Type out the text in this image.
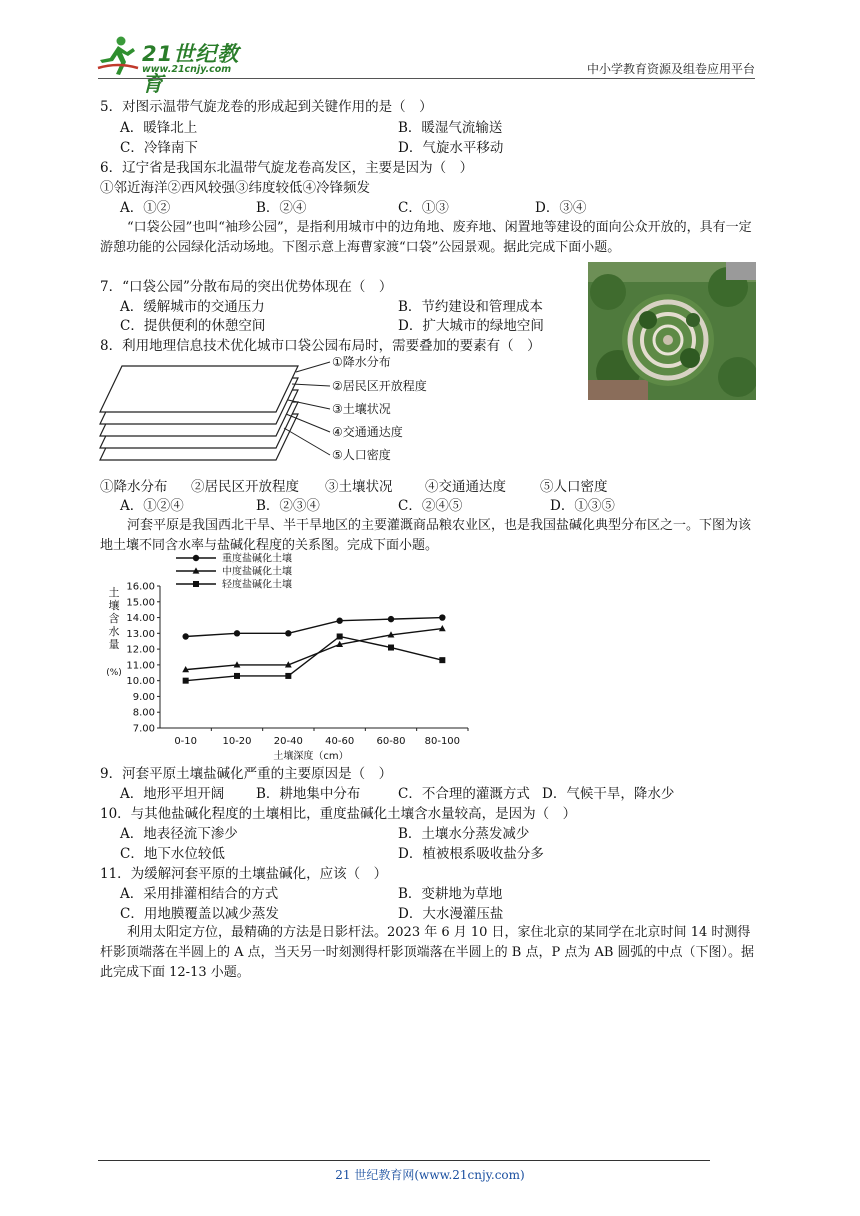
21世纪教育
www.21cnjy.com	中小学教育资源及组卷应用平台
5．对图示温带气旋龙卷的形成起到关键作用的是（　）
A．暖锋北上	B．暖湿气流输送
C．冷锋南下	D．气旋水平移动
6．辽宁省是我国东北温带气旋龙卷高发区，主要是因为（　）
①邻近海洋②西风较强③纬度较低④冷锋频发
A．①②	B．②④	C．①③	D．③④
“口袋公园”也叫“袖珍公园”，是指利用城市中的边角地、废弃地、闲置地等建设的面向公众开放的，具有一定游憩功能的公园绿化活动场地。下图示意上海曹家渡“口袋”公园景观。据此完成下面小题。
7．“口袋公园”分散布局的突出优势体现在（　）
A．缓解城市的交通压力	B．节约建设和管理成本
C．提供便利的休憩空间	D．扩大城市的绿地空间
8．利用地理信息技术优化城市口袋公园布局时，需要叠加的要素有（　）
①降水分布
②居民区开放程度
③土壤状况
④交通通达度
⑤人口密度
①降水分布 ②居民区开放程度 ③土壤状况 ④交通通达度	⑤人口密度
A．①②④	B．②③④	C．②④⑤	D．①③⑤
河套平原是我国西北干旱、半干旱地区的主要灌溉商品粮农业区，也是我国盐碱化典型分布区之一。下图为该地土壤不同含水率与盐碱化程度的关系图。完成下面小题。
重度盐碱化土壤
中度盐碱化土壤
轻度盐碱化土壤
16.00
15.00
14.00
13.00
12.00
11.00
10.00
9.00
8.00
7.00
0-10	10-20 20-40 40-60 60-80 80-100
土
壤
含
水
量
(%)
土壤深度（cm）
9．河套平原土壤盐碱化严重的主要原因是（　）
A．地形平坦开阔 B．耕地集中分布	C．不合理的灌溉方式 D．气候干旱，降水少
10．与其他盐碱化程度的土壤相比，重度盐碱化土壤含水量较高，是因为（　）
A．地表径流下渗少	B．土壤水分蒸发减少
C．地下水位较低	D．植被根系吸收盐分多
11．为缓解河套平原的土壤盐碱化，应该（　）
A．采用排灌相结合的方式	B．变耕地为草地
C．用地膜覆盖以减少蒸发	D．大水漫灌压盐
利用太阳定方位，最精确的方法是日影杆法。2023 年 6 月 10 日，家住北京的某同学在北京时间 14 时测得杆影顶端落在半圆上的 A 点，当天另一时刻测得杆影顶端落在半圆上的 B 点，P 点为 AB 圆弧的中点（下图）。据此完成下面 12-13 小题。
21 世纪教育网(www.21cnjy.com)
